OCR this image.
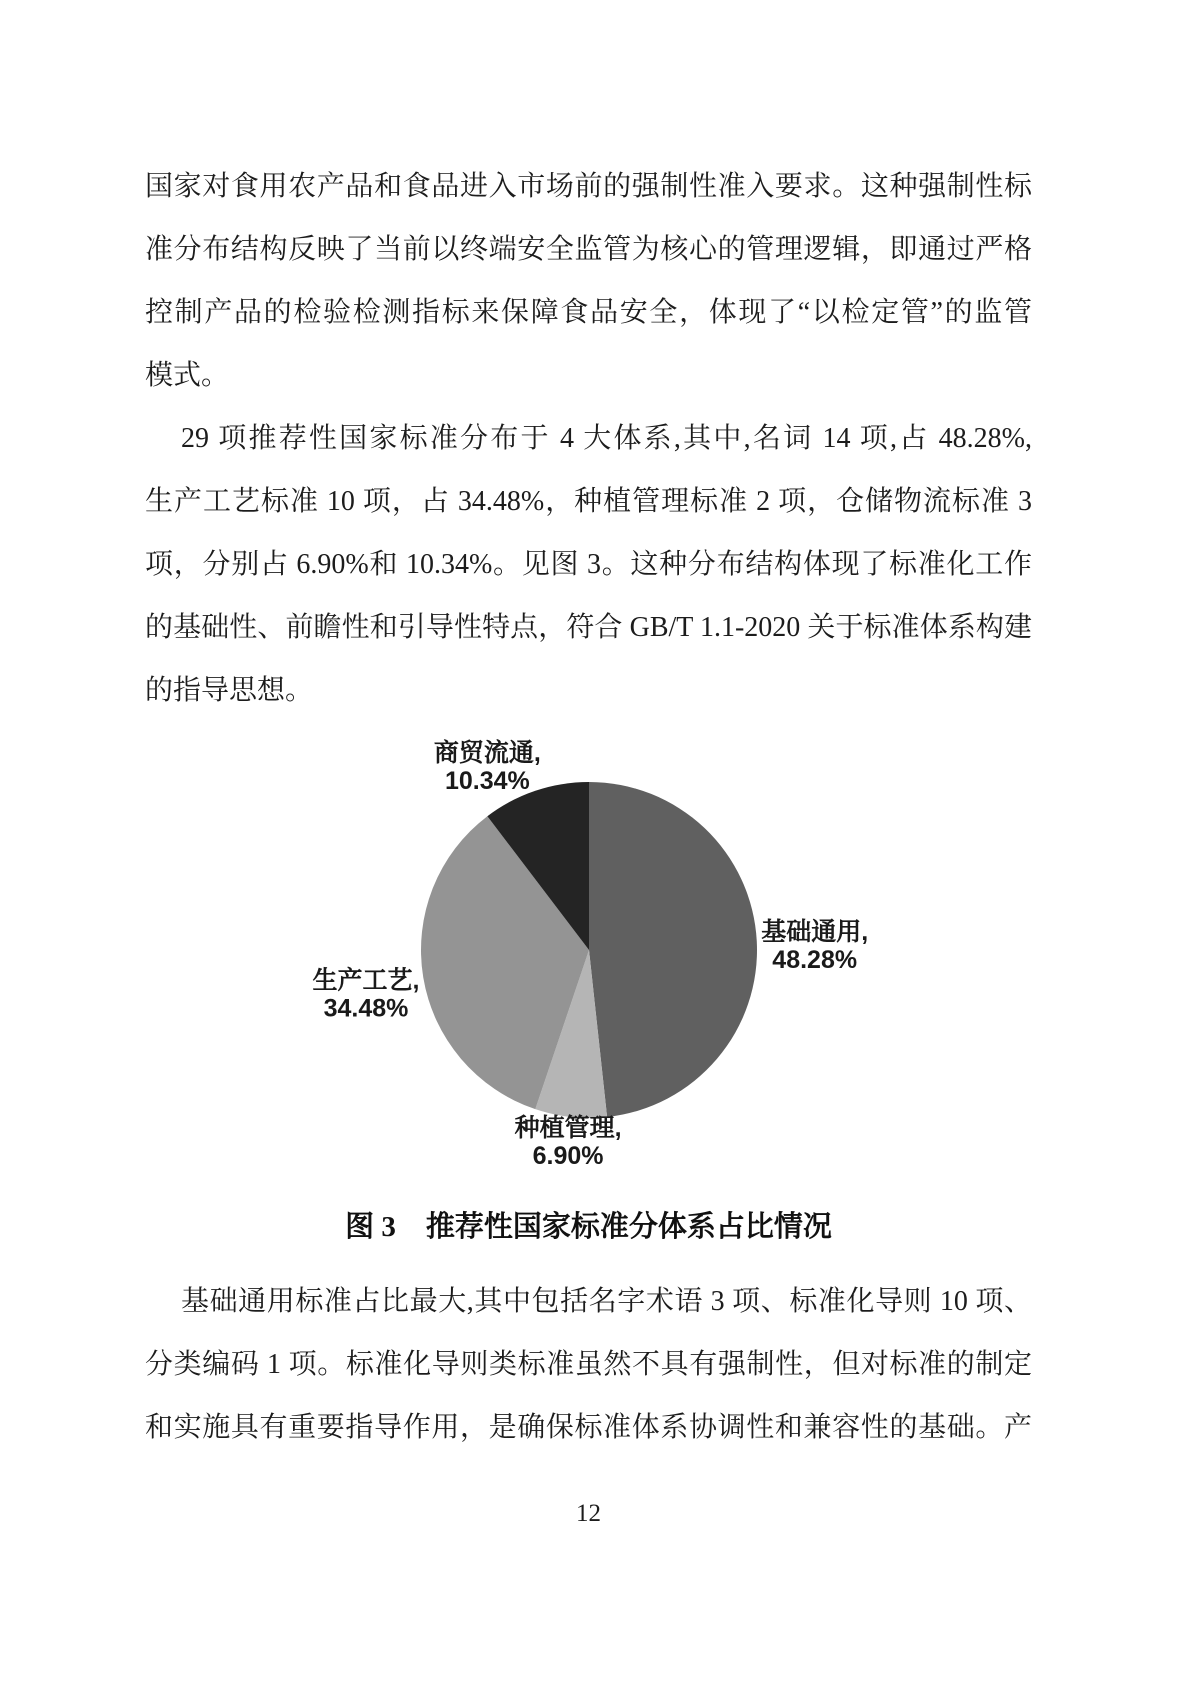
国家对食用农产品和食品进入市场前的强制性准入要求。这种强制性标
准分布结构反映了当前以终端安全监管为核心的管理逻辑，即通过严格
控制产品的检验检测指标来保障食品安全，体现了“以检定管”的监管
模式。
29 项推荐性国家标准分布于 4 大体系,其中,名词 14 项,占 48.28%,
生产工艺标准 10 项，占 34.48%，种植管理标准 2 项，仓储物流标准 3
项，分别占 6.90%和 10.34%。见图 3。这种分布结构体现了标准化工作
的基础性、前瞻性和引导性特点，符合 GB/T 1.1-2020 关于标准体系构建
的指导思想。
基础通用,
48.28%
种植管理,
6.90%
生产工艺,
34.48%
商贸流通,
10.34%
图 3 推荐性国家标准分体系占比情况
基础通用标准占比最大,其中包括名字术语 3 项、标准化导则 10 项、
分类编码 1 项。标准化导则类标准虽然不具有强制性，但对标准的制定
和实施具有重要指导作用，是确保标准体系协调性和兼容性的基础。产
12
